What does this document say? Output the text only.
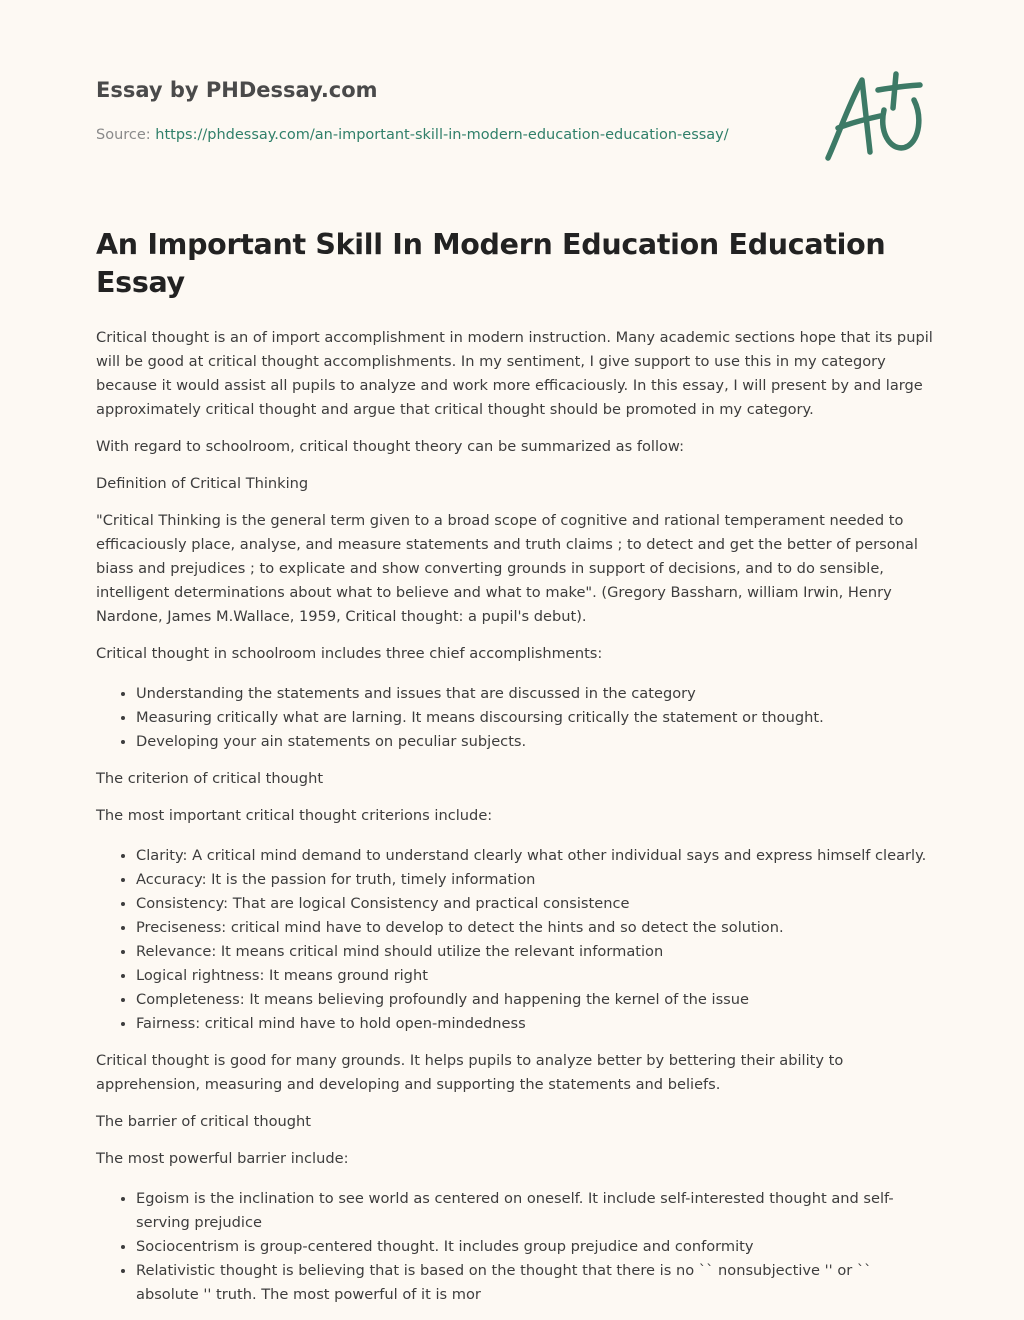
Essay by PHDessay.com
Source: https://phdessay.com/an-important-skill-in-modern-education-education-essay/
An Important Skill In Modern Education Education Essay

Critical thought is an of import accomplishment in modern instruction. Many academic sections hope that its pupil will be good at critical thought accomplishments. In my sentiment, I give support to use this in my category because it would assist all pupils to analyze and work more efficaciously. In this essay, I will present by and large approximately critical thought and argue that critical thought should be promoted in my category.

With regard to schoolroom, critical thought theory can be summarized as follow:

Definition of Critical Thinking

"Critical Thinking is the general term given to a broad scope of cognitive and rational temperament needed to efficaciously place, analyse, and measure statements and truth claims ; to detect and get the better of personal biass and prejudices ; to explicate and show converting grounds in support of decisions, and to do sensible, intelligent determinations about what to believe and what to make". (Gregory Bassharn, william Irwin, Henry Nardone, James M.Wallace, 1959, Critical thought: a pupil's debut).

Critical thought in schoolroom includes three chief accomplishments:

• Understanding the statements and issues that are discussed in the category
• Measuring critically what are larning. It means discoursing critically the statement or thought.
• Developing your ain statements on peculiar subjects.

The criterion of critical thought

The most important critical thought criterions include:

• Clarity: A critical mind demand to understand clearly what other individual says and express himself clearly.
• Accuracy: It is the passion for truth, timely information
• Consistency: That are logical Consistency and practical consistence
• Preciseness: critical mind have to develop to detect the hints and so detect the solution.
• Relevance: It means critical mind should utilize the relevant information
• Logical rightness: It means ground right
• Completeness: It means believing profoundly and happening the kernel of the issue
• Fairness: critical mind have to hold open-mindedness

Critical thought is good for many grounds. It helps pupils to analyze better by bettering their ability to apprehension, measuring and developing and supporting the statements and beliefs.

The barrier of critical thought

The most powerful barrier include:

• Egoism is the inclination to see world as centered on oneself. It include self-interested thought and self-serving prejudice
• Sociocentrism is group-centered thought. It includes group prejudice and conformity
• Relativistic thought is believing that is based on the thought that there is no `` nonsubjective '' or `` absolute '' truth. The most powerful of it is mor
